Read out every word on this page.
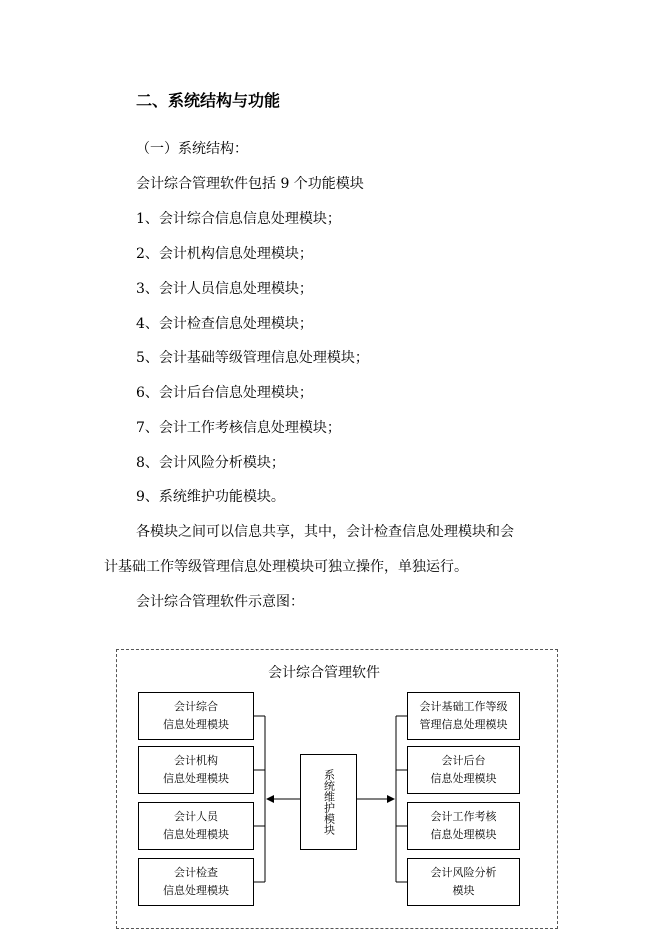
二、系统结构与功能
（一）系统结构：
会计综合管理软件包括 9 个功能模块
1、会计综合信息信息处理模块；
2、会计机构信息处理模块；
3、会计人员信息处理模块；
4、会计检查信息处理模块；
5、会计基础等级管理信息处理模块；
6、会计后台信息处理模块；
7、会计工作考核信息处理模块；
8、会计风险分析模块；
9、系统维护功能模块。
各模块之间可以信息共享，其中，会计检查信息处理模块和会
计基础工作等级管理信息处理模块可独立操作，单独运行。
会计综合管理软件示意图：
会计综合管理软件
会计综合
信息处理模块
会计机构
信息处理模块
会计人员
信息处理模块
会计检查
信息处理模块
系统维护模块
会计基础工作等级
管理信息处理模块
会计后台
信息处理模块
会计工作考核
信息处理模块
会计风险分析
模块
